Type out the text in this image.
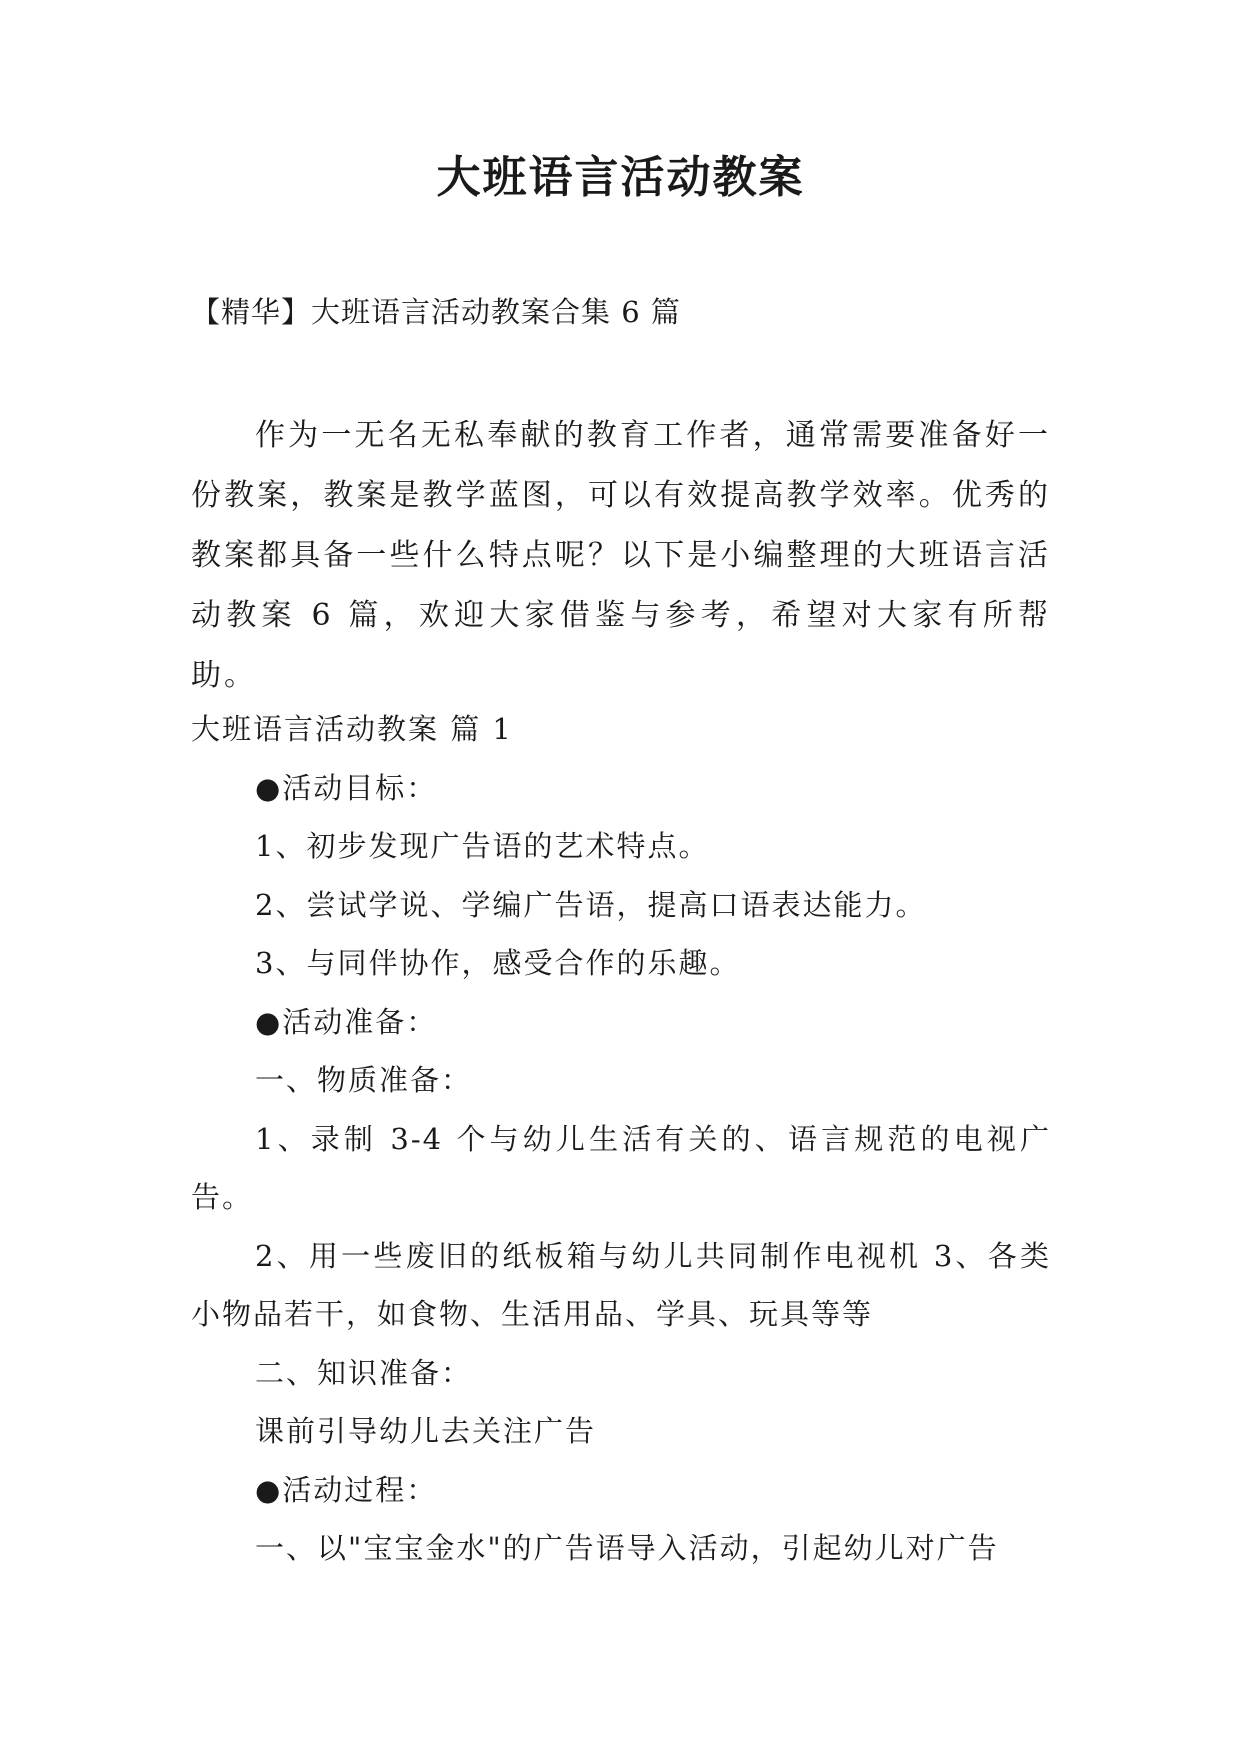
大班语言活动教案
【精华】大班语言活动教案合集 6 篇
作为一无名无私奉献的教育工作者，通常需要准备好一份教案，教案是教学蓝图，可以有效提高教学效率。优秀的教案都具备一些什么特点呢？以下是小编整理的大班语言活动教案 6 篇，欢迎大家借鉴与参考，希望对大家有所帮助。

大班语言活动教案 篇 1

●活动目标：

1、初步发现广告语的艺术特点。

2、尝试学说、学编广告语，提高口语表达能力。

3、与同伴协作，感受合作的乐趣。

●活动准备：

一、物质准备：

1、录制 3-4 个与幼儿生活有关的、语言规范的电视广告。

2、用一些废旧的纸板箱与幼儿共同制作电视机 3、各类小物品若干，如食物、生活用品、学具、玩具等等

二、知识准备：

课前引导幼儿去关注广告

●活动过程：

一、以"宝宝金水"的广告语导入活动，引起幼儿对广告
